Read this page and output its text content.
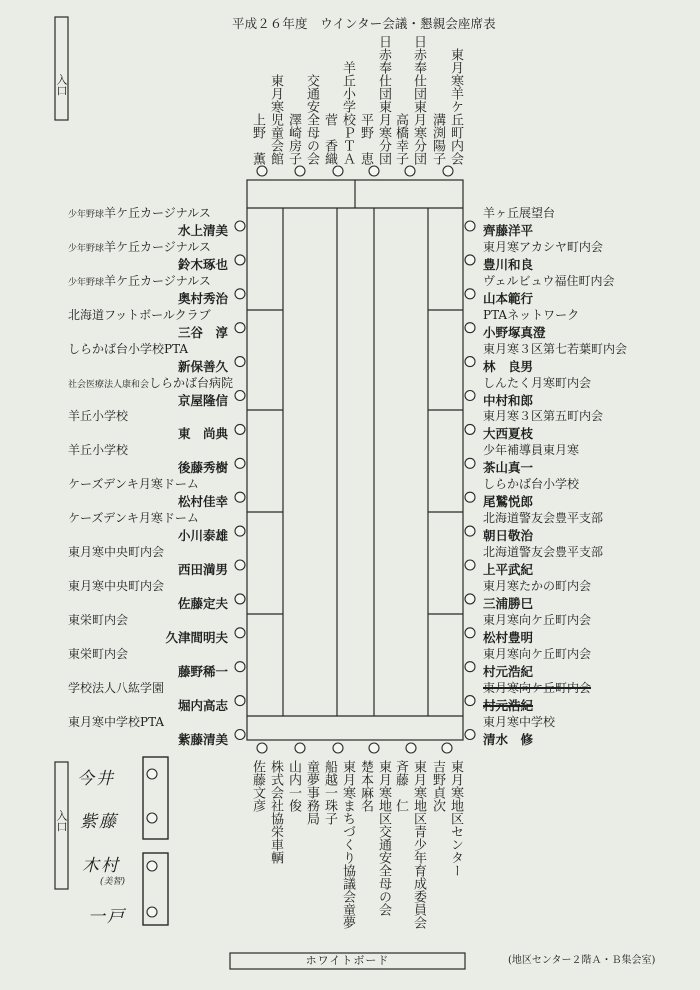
平成２６年度　ウインター会議・懇親会座席表
入口
入口
ホワイトボード	(地区センター２階Ａ・Ｂ集会室)
東月寒児童会館
上野　薫	交通安全母の会
澤崎房子	羊丘小学校ＰＴＡ
菅　香織	日赤奉仕団東月寒分団
平野　恵	日赤奉仕団東月寒分団
高橋幸子	東月寒羊ケ丘町内会
溝渕陽子
株式会社協栄車輌
佐藤文彦	童夢事務局
山内一俊	東月寒まちづくり協議会童夢
船越一珠子	東月寒地区交通安全母の会
楚本麻名	東月寒地区青少年育成委員会
斉藤　仁	東月寒地区センター
吉野貞次
少年野球羊ケ丘カージナルス
水上清美
少年野球羊ケ丘カージナルス
鈴木琢也
少年野球羊ケ丘カージナルス
奥村秀治
北海道フットボールクラブ
三谷　淳
しらかば台小学校PTA
新保善久
社会医療法人康和会しらかば台病院
京屋隆信
羊丘小学校
東　尚典
羊丘小学校
後藤秀樹
ケーズデンキ月寒ドーム
松村佳幸
ケーズデンキ月寒ドーム
小川泰雄
東月寒中央町内会
西田満男
東月寒中央町内会
佐藤定夫
東栄町内会
久津間明夫
東栄町内会
藤野稀一
学校法人八紘学園
堀内高志
東月寒中学校PTA
紫藤清美
羊ヶ丘展望台
齊藤洋平
東月寒アカシヤ町内会
豊川和良
ヴェルビュウ福住町内会
山本範行
PTAネットワーク
小野塚真澄
東月寒３区第七若葉町内会
林　良男
しんたく月寒町内会
中村和郎
東月寒３区第五町内会
大西夏枝
少年補導員東月寒
茶山真一
しらかば台小学校
尾鷲悦郎
北海道警友会豊平支部
朝日敬治
北海道警友会豊平支部
上平武紀
東月寒たかの町内会
三浦勝巳
東月寒向ケ丘町内会
松村豊明
東月寒向ケ丘町内会
村元浩紀
東月寒向ケ丘町内会
村元浩紀
東月寒中学校
清水　修
今井
紫藤
木村
一戸
(美智)
